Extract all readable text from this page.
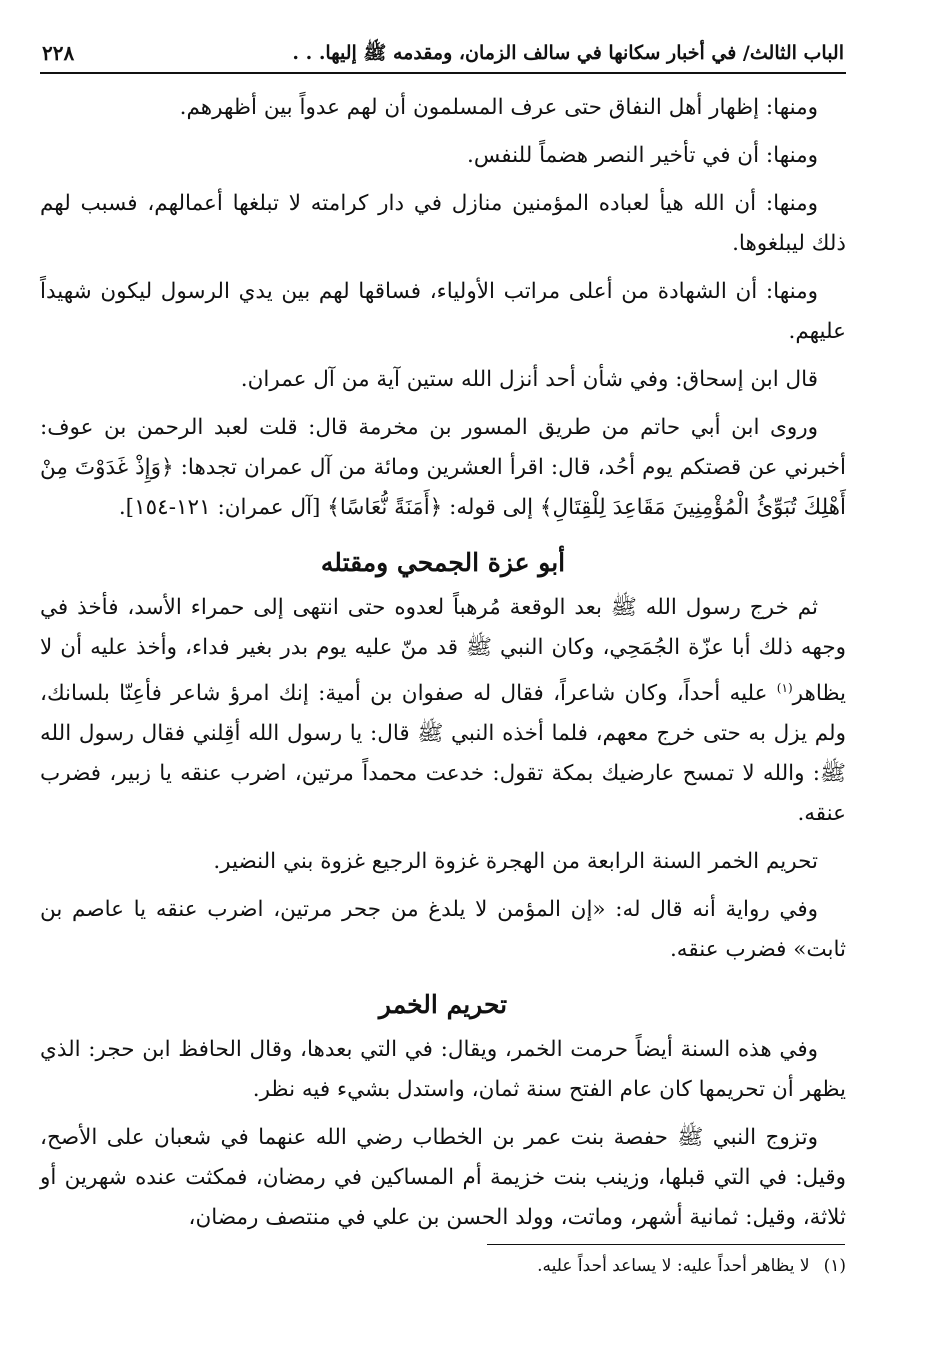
الباب الثالث/ في أخبار سكانها في سالف الزمان، ومقدمه ﷺ إليها. . .
٢٢٨

ومنها: إظهار أهل النفاق حتى عرف المسلمون أن لهم عدواً بين أظهرهم.

ومنها: أن في تأخير النصر هضماً للنفس.

ومنها: أن الله هيأ لعباده المؤمنين منازل في دار كرامته لا تبلغها أعمالهم، فسبب لهم ذلك ليبلغوها.

ومنها: أن الشهادة من أعلى مراتب الأولياء، فساقها لهم بين يدي الرسول ليكون شهيداً عليهم.

قال ابن إسحاق: وفي شأن أحد أنزل الله ستين آية من آل عمران.

وروى ابن أبي حاتم من طريق المسور بن مخرمة قال: قلت لعبد الرحمن بن عوف: أخبرني عن قصتكم يوم أحُد، قال: اقرأ العشرين ومائة من آل عمران تجدها: ﴿وَإِذْ غَدَوْتَ مِنْ أَهْلِكَ تُبَوِّئُ الْمُؤْمِنِينَ مَقَاعِدَ لِلْقِتَالِ﴾ إلى قوله: ﴿أَمَنَةً نُّعَاسًا﴾ [آل عمران: ١٢١-١٥٤].

أبو عزة الجمحي ومقتله

ثم خرج رسول الله ﷺ بعد الوقعة مُرهباً لعدوه حتى انتهى إلى حمراء الأسد، فأخذ في وجهه ذلك أبا عزّة الجُمَحِي، وكان النبي ﷺ قد منّ عليه يوم بدر بغير فداء، وأخذ عليه أن لا يظاهر$^{(١)}$ عليه أحداً، وكان شاعراً، فقال له صفوان بن أمية: إنك امرؤ شاعر فأعِنّا بلسانك، ولم يزل به حتى خرج معهم، فلما أخذه النبي ﷺ قال: يا رسول الله أقِلني فقال رسول الله ﷺ: والله لا تمسح عارضيك بمكة تقول: خدعت محمداً مرتين، اضرب عنقه يا زبير، فضرب عنقه.

تحريم الخمر السنة الرابعة من الهجرة غزوة الرجيع غزوة بني النضير.

وفي رواية أنه قال له: «إن المؤمن لا يلدغ من جحر مرتين، اضرب عنقه يا عاصم بن ثابت» فضرب عنقه.

تحريم الخمر

وفي هذه السنة أيضاً حرمت الخمر، ويقال: في التي بعدها، وقال الحافظ ابن حجر: الذي يظهر أن تحريمها كان عام الفتح سنة ثمان، واستدل بشيء فيه نظر.

وتزوج النبي ﷺ حفصة بنت عمر بن الخطاب رضي الله عنهما في شعبان على الأصح، وقيل: في التي قبلها، وزينب بنت خزيمة أم المساكين في رمضان، فمكثت عنده شهرين أو ثلاثة، وقيل: ثمانية أشهر، وماتت، وولد الحسن بن علي في منتصف رمضان،

(١)لا يظاهر أحداً عليه: لا يساعد أحداً عليه.
